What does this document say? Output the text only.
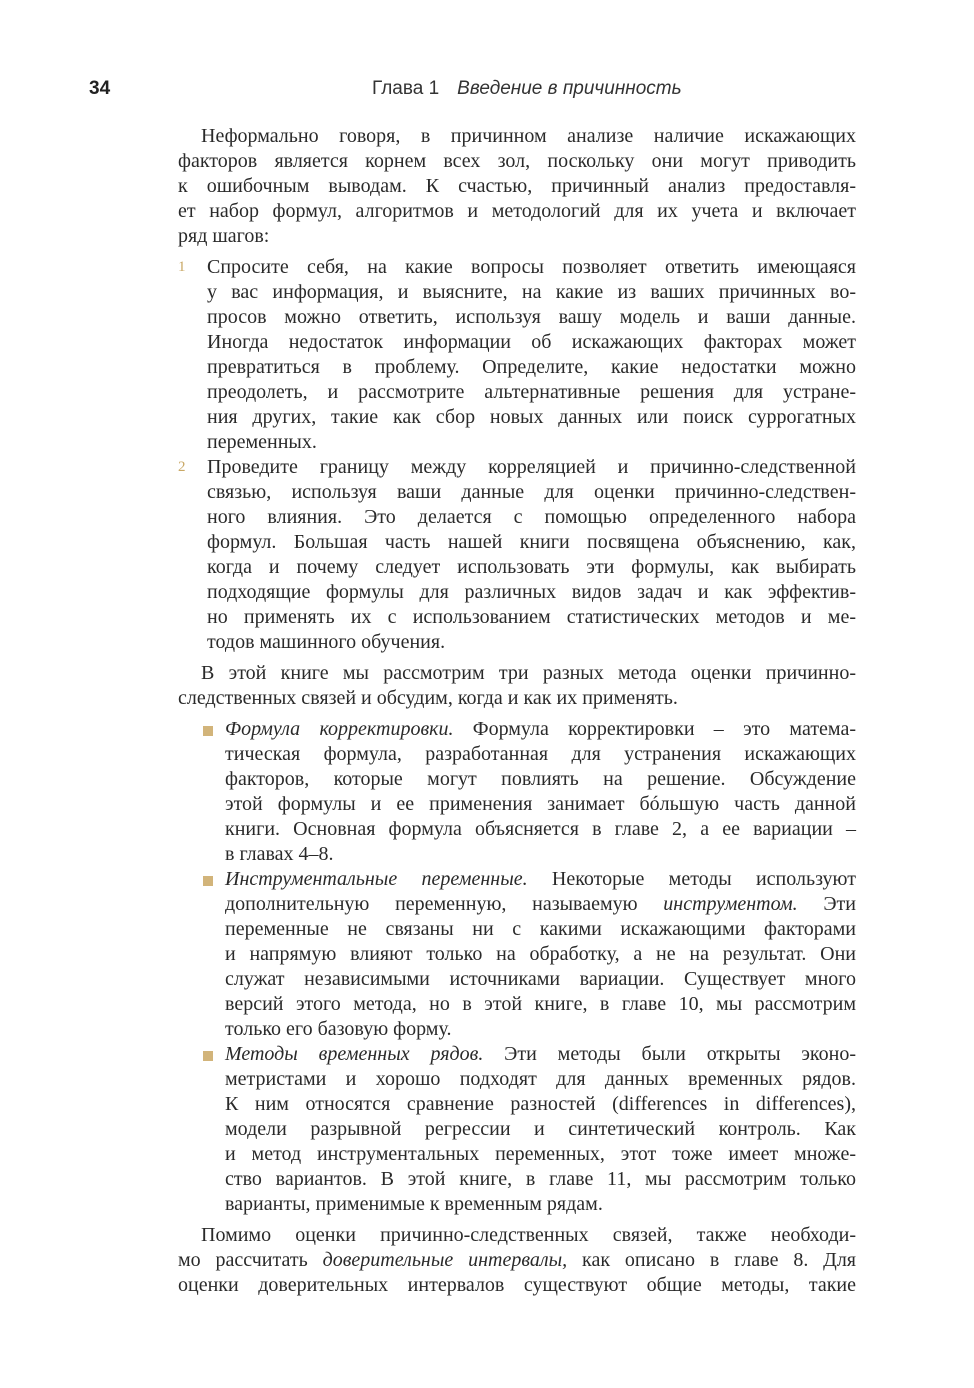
34	Глава 1 Введение в причинность
Неформально говоря, в причинном анализе наличие искажающих
факторов является корнем всех зол, поскольку они могут приводить
к ошибочным выводам. К счастью, причинный анализ предоставля-
ет набор формул, алгоритмов и методологий для их учета и включает
ряд шагов:
1 Спросите себя, на какие вопросы позволяет ответить имеющаяся
у вас информация, и выясните, на какие из ваших причинных во-
просов можно ответить, используя вашу модель и ваши данные.
Иногда недостаток информации об искажающих факторах может
превратиться в проблему. Определите, какие недостатки можно
преодолеть, и рассмотрите альтернативные решения для устране-
ния других, такие как сбор новых данных или поиск суррогатных
переменных.
2 Проведите границу между корреляцией и причинно-следственной
связью, используя ваши данные для оценки причинно-следствен-
ного влияния. Это делается с помощью определенного набора
формул. Большая часть нашей книги посвящена объяснению, как,
когда и почему следует использовать эти формулы, как выбирать
подходящие формулы для различных видов задач и как эффектив-
но применять их с использованием статистических методов и ме-
тодов машинного обучения.
В этой книге мы рассмотрим три разных метода оценки причинно-
следственных связей и обсудим, когда и как их применять.
Формула корректировки. Формула корректировки – это матема-
тическая формула, разработанная для устранения искажающих
факторов, которые могут повлиять на решение. Обсуждение
этой формулы и ее применения занимает бóльшую часть данной
книги. Основная формула объясняется в главе 2, а ее вариации –
в главах 4–8.
Инструментальные переменные. Некоторые методы используют
дополнительную переменную, называемую инструментом. Эти
переменные не связаны ни с какими искажающими факторами
и напрямую влияют только на обработку, а не на результат. Они
служат независимыми источниками вариации. Существует много
версий этого метода, но в этой книге, в главе 10, мы рассмотрим
только его базовую форму.
Методы временных рядов. Эти методы были открыты эконо-
метристами и хорошо подходят для данных временных рядов.
К ним относятся сравнение разностей (differences in differences),
модели разрывной регрессии и синтетический контроль. Как
и метод инструментальных переменных, этот тоже имеет множе-
ство вариантов. В этой книге, в главе 11, мы рассмотрим только
варианты, применимые к временным рядам.
Помимо оценки причинно-следственных связей, также необходи-
мо рассчитать доверительные интервалы, как описано в главе 8. Для
оценки доверительных интервалов существуют общие методы, такие
